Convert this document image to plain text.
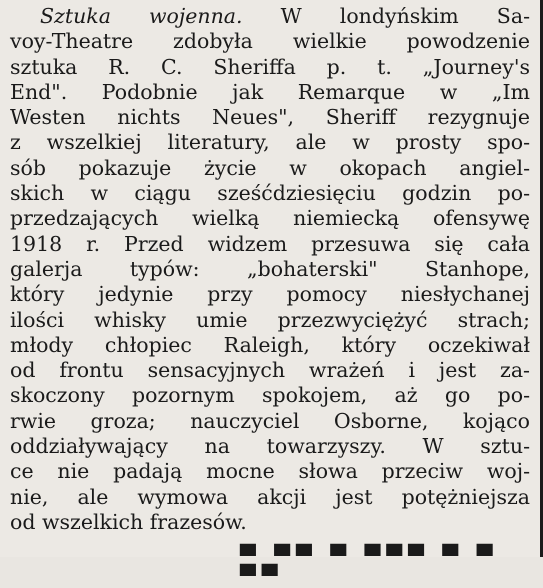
Sztuka wojenna. W londyńskim Sa-
voy-Theatre zdobyła wielkie powodzenie
sztuka R. C. Sheriffa p. t. „Journey's
End". Podobnie jak Remarque w „Im
Westen nichts Neues", Sheriff rezygnuje
z wszelkiej literatury, ale w prosty spo-
sób pokazuje życie w okopach angiel-
skich w ciągu sześćdziesięciu godzin po-
przedzających wielką niemiecką ofensywę
1918 r. Przed widzem przesuwa się cała
galerja typów: „bohaterski" Stanhope,
który jedynie przy pomocy niesłychanej
ilości whisky umie przezwyciężyć strach;
młody chłopiec Raleigh, który oczekiwał
od frontu sensacyjnych wrażeń i jest za-
skoczony pozornym spokojem, aż go po-
rwie groza; nauczyciel Osborne, kojąco
oddziaływający na towarzyszy. W sztu-
ce nie padają mocne słowa przeciw woj-
nie, ale wymowa akcji jest potężniejsza
od wszelkich frazesów.
▀ ▀▀ ▀ ▀▀▀ ▀ ▀ ▀▀
